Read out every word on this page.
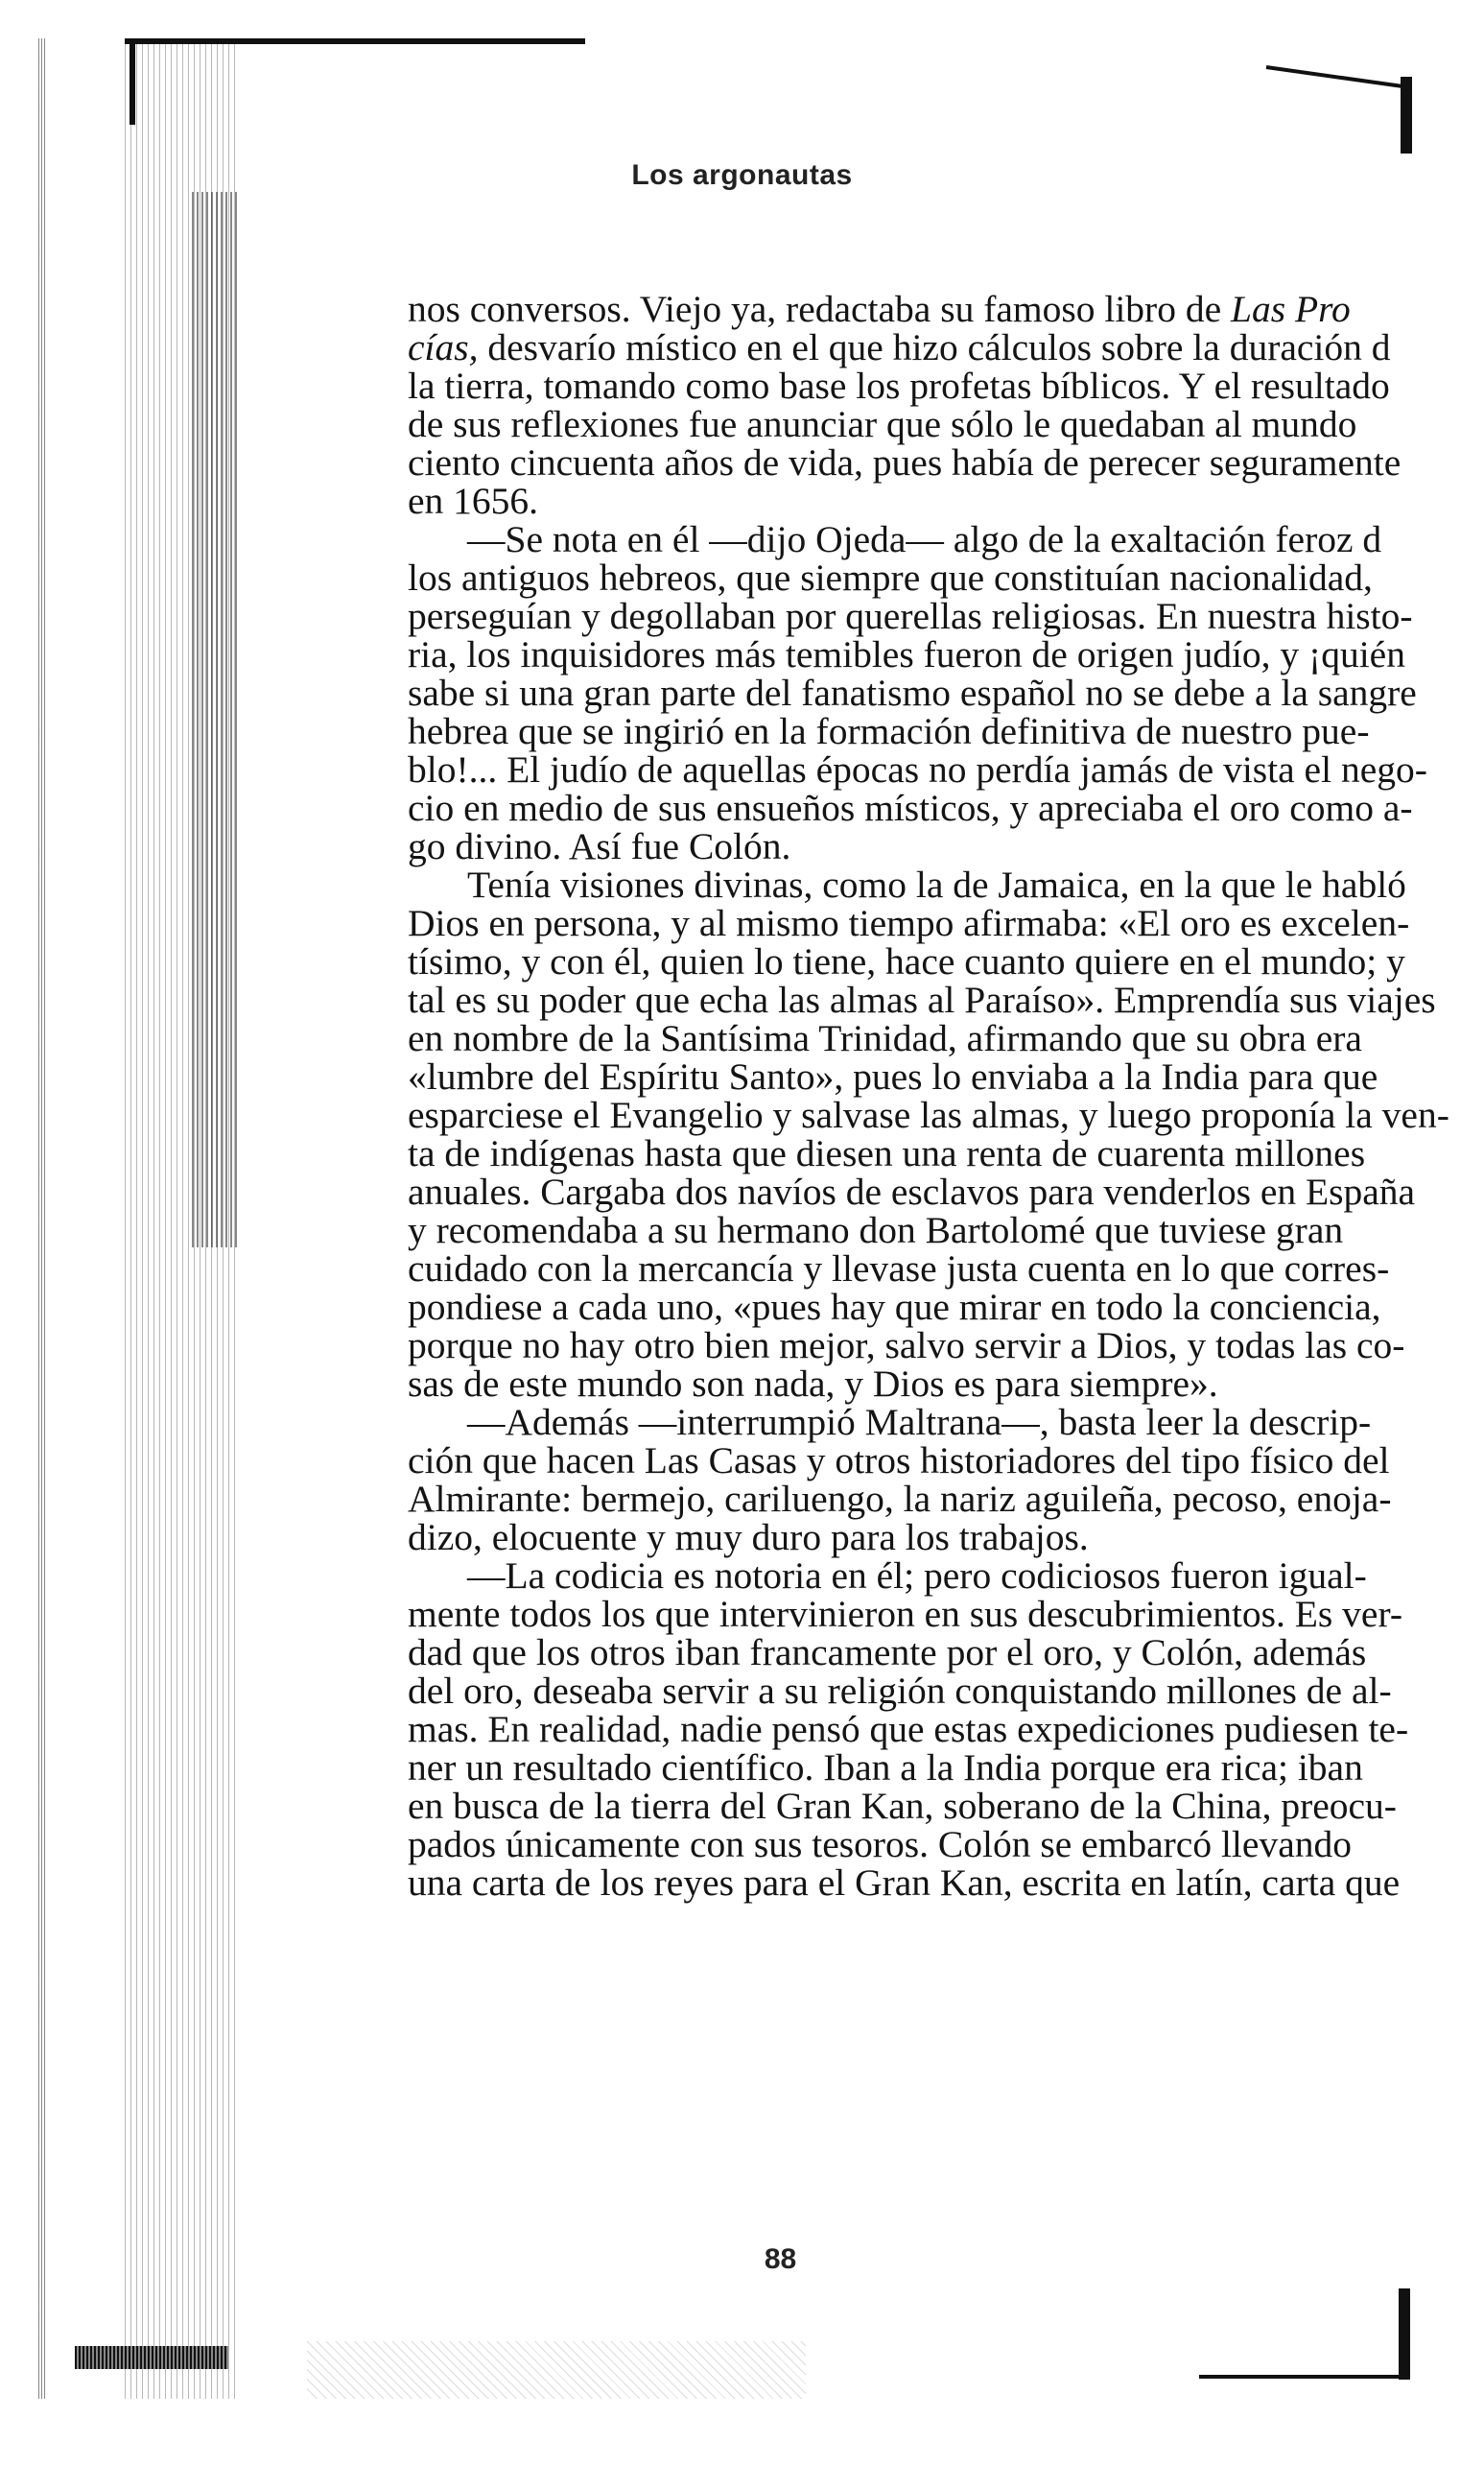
Los argonautas
nos conversos. Viejo ya, redactaba su famoso libro de Las Pro
cías, desvarío místico en el que hizo cálculos sobre la duración d
la tierra, tomando como base los profetas bíblicos. Y el resultado
de sus reflexiones fue anunciar que sólo le quedaban al mundo
ciento cincuenta años de vida, pues había de perecer seguramente
en 1656.
—Se nota en él —dijo Ojeda— algo de la exaltación feroz d
los antiguos hebreos, que siempre que constituían nacionalidad,
perseguían y degollaban por querellas religiosas. En nuestra histo-
ria, los inquisidores más temibles fueron de origen judío, y ¡quién
sabe si una gran parte del fanatismo español no se debe a la sangre
hebrea que se ingirió en la formación definitiva de nuestro pue-
blo!... El judío de aquellas épocas no perdía jamás de vista el nego-
cio en medio de sus ensueños místicos, y apreciaba el oro como a-
go divino. Así fue Colón.
Tenía visiones divinas, como la de Jamaica, en la que le habló
Dios en persona, y al mismo tiempo afirmaba: «El oro es excelen-
tísimo, y con él, quien lo tiene, hace cuanto quiere en el mundo; y
tal es su poder que echa las almas al Paraíso». Emprendía sus viajes
en nombre de la Santísima Trinidad, afirmando que su obra era
«lumbre del Espíritu Santo», pues lo enviaba a la India para que
esparciese el Evangelio y salvase las almas, y luego proponía la ven-
ta de indígenas hasta que diesen una renta de cuarenta millones
anuales. Cargaba dos navíos de esclavos para venderlos en España
y recomendaba a su hermano don Bartolomé que tuviese gran
cuidado con la mercancía y llevase justa cuenta en lo que corres-
pondiese a cada uno, «pues hay que mirar en todo la conciencia,
porque no hay otro bien mejor, salvo servir a Dios, y todas las co-
sas de este mundo son nada, y Dios es para siempre».
—Además —interrumpió Maltrana—, basta leer la descrip-
ción que hacen Las Casas y otros historiadores del tipo físico del
Almirante: bermejo, cariluengo, la nariz aguileña, pecoso, enoja-
dizo, elocuente y muy duro para los trabajos.
—La codicia es notoria en él; pero codiciosos fueron igual-
mente todos los que intervinieron en sus descubrimientos. Es ver-
dad que los otros iban francamente por el oro, y Colón, además
del oro, deseaba servir a su religión conquistando millones de al-
mas. En realidad, nadie pensó que estas expediciones pudiesen te-
ner un resultado científico. Iban a la India porque era rica; iban
en busca de la tierra del Gran Kan, soberano de la China, preocu-
pados únicamente con sus tesoros. Colón se embarcó llevando
una carta de los reyes para el Gran Kan, escrita en latín, carta que
88
